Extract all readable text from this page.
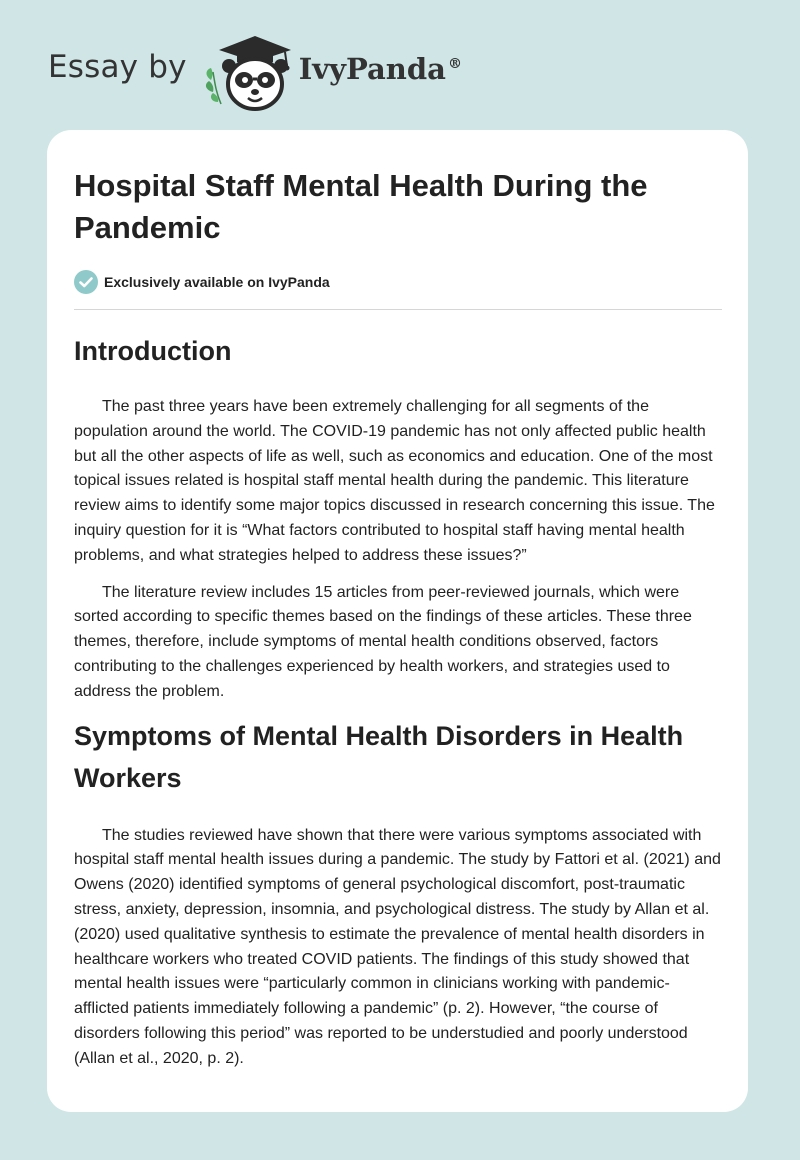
Essay by	IvyPanda ®
Hospital Staff Mental Health During the Pandemic
Exclusively available on IvyPanda
Introduction

The past three years have been extremely challenging for all segments of the population around the world. The COVID-19 pandemic has not only affected public health but all the other aspects of life as well, such as economics and education. One of the most topical issues related is hospital staff mental health during the pandemic. This literature review aims to identify some major topics discussed in research concerning this issue. The inquiry question for it is “What factors contributed to hospital staff having mental health problems, and what strategies helped to address these issues?”

The literature review includes 15 articles from peer-reviewed journals, which were sorted according to specific themes based on the findings of these articles. These three themes, therefore, include symptoms of mental health conditions observed, factors contributing to the challenges experienced by health workers, and strategies used to address the problem.

Symptoms of Mental Health Disorders in Health Workers

The studies reviewed have shown that there were various symptoms associated with hospital staff mental health issues during a pandemic. The study by Fattori et al. (2021) and Owens (2020) identified symptoms of general psychological discomfort, post-traumatic stress, anxiety, depression, insomnia, and psychological distress. The study by Allan et al. (2020) used qualitative synthesis to estimate the prevalence of mental health disorders in healthcare workers who treated COVID patients. The findings of this study showed that mental health issues were “particularly common in clinicians working with pandemic-afflicted patients immediately following a pandemic” (p. 2). However, “the course of disorders following this period” was reported to be understudied and poorly understood (Allan et al., 2020, p. 2).
